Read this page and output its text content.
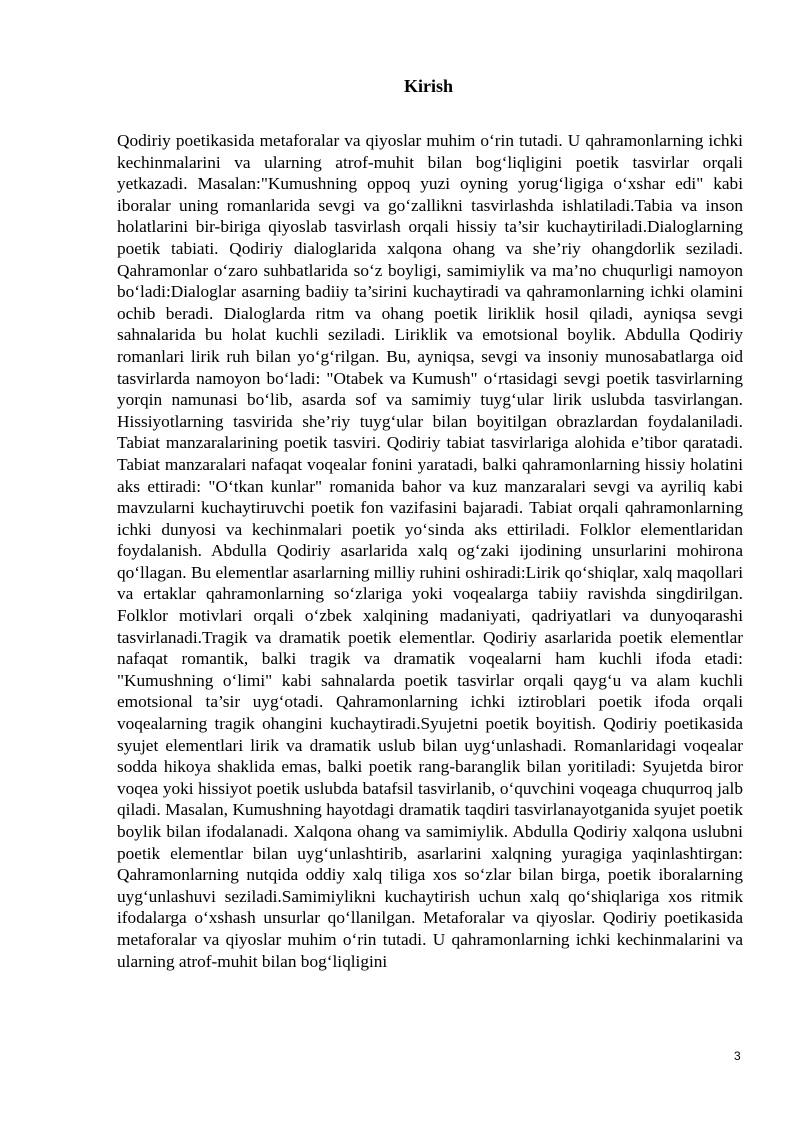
Kirish

Qodiriy poetikasida metaforalar va qiyoslar muhim o‘rin tutadi. U qahramonlarning ichki kechinmalarini va ularning atrof-muhit bilan bog‘liqligini poetik tasvirlar orqali yetkazadi. Masalan:"Kumushning oppoq yuzi oyning yorug‘ligiga o‘xshar edi" kabi iboralar uning romanlarida sevgi va go‘zallikni tasvirlashda ishlatiladi.Tabia va inson holatlarini bir-biriga qiyoslab tasvirlash orqali hissiy ta’sir kuchaytiriladi.Dialoglarning poetik tabiati. Qodiriy dialoglarida xalqona ohang va she’riy ohangdorlik seziladi. Qahramonlar o‘zaro suhbatlarida so‘z boyligi, samimiylik va ma’no chuqurligi namoyon bo‘ladi:Dialoglar asarning badiiy ta’sirini kuchaytiradi va qahramonlarning ichki olamini ochib beradi. Dialoglarda ritm va ohang poetik liriklik hosil qiladi, ayniqsa sevgi sahnalarida bu holat kuchli seziladi. Liriklik va emotsional boylik. Abdulla Qodiriy romanlari lirik ruh bilan yo‘g‘rilgan. Bu, ayniqsa, sevgi va insoniy munosabatlarga oid tasvirlarda namoyon bo‘ladi: "Otabek va Kumush" o‘rtasidagi sevgi poetik tasvirlarning yorqin namunasi bo‘lib, asarda sof va samimiy tuyg‘ular lirik uslubda tasvirlangan. Hissiyotlarning tasvirida she’riy tuyg‘ular bilan boyitilgan obrazlardan foydalaniladi. Tabiat manzaralarining poetik tasviri. Qodiriy tabiat tasvirlariga alohida e’tibor qaratadi. Tabiat manzaralari nafaqat voqealar fonini yaratadi, balki qahramonlarning hissiy holatini aks ettiradi: "O‘tkan kunlar" romanida bahor va kuz manzaralari sevgi va ayriliq kabi mavzularni kuchaytiruvchi poetik fon vazifasini bajaradi. Tabiat orqali qahramonlarning ichki dunyosi va kechinmalari poetik yo‘sinda aks ettiriladi. Folklor elementlaridan foydalanish. Abdulla Qodiriy asarlarida xalq og‘zaki ijodining unsurlarini mohirona qo‘llagan. Bu elementlar asarlarning milliy ruhini oshiradi:Lirik qo‘shiqlar, xalq maqollari va ertaklar qahramonlarning so‘zlariga yoki voqealarga tabiiy ravishda singdirilgan. Folklor motivlari orqali o‘zbek xalqining madaniyati, qadriyatlari va dunyoqarashi tasvirlanadi.Tragik va dramatik poetik elementlar. Qodiriy asarlarida poetik elementlar nafaqat romantik, balki tragik va dramatik voqealarni ham kuchli ifoda etadi: "Kumushning o‘limi" kabi sahnalarda poetik tasvirlar orqali qayg‘u va alam kuchli emotsional ta’sir uyg‘otadi. Qahramonlarning ichki iztiroblari poetik ifoda orqali voqealarning tragik ohangini kuchaytiradi.Syujetni poetik boyitish. Qodiriy poetikasida syujet elementlari lirik va dramatik uslub bilan uyg‘unlashadi. Romanlaridagi voqealar sodda hikoya shaklida emas, balki poetik rang-baranglik bilan yoritiladi: Syujetda biror voqea yoki hissiyot poetik uslubda batafsil tasvirlanib, o‘quvchini voqeaga chuqurroq jalb qiladi. Masalan, Kumushning hayotdagi dramatik taqdiri tasvirlanayotganida syujet poetik boylik bilan ifodalanadi. Xalqona ohang va samimiylik. Abdulla Qodiriy xalqona uslubni poetik elementlar bilan uyg‘unlashtirib, asarlarini xalqning yuragiga yaqinlashtirgan: Qahramonlarning nutqida oddiy xalq tiliga xos so‘zlar bilan birga, poetik iboralarning uyg‘unlashuvi seziladi.Samimiylikni kuchaytirish uchun xalq qo‘shiqlariga xos ritmik ifodalarga o‘xshash unsurlar qo‘llanilgan. Metaforalar va qiyoslar. Qodiriy poetikasida metaforalar va qiyoslar muhim o‘rin tutadi. U qahramonlarning ichki kechinmalarini va ularning atrof-muhit bilan bog‘liqligini

3
